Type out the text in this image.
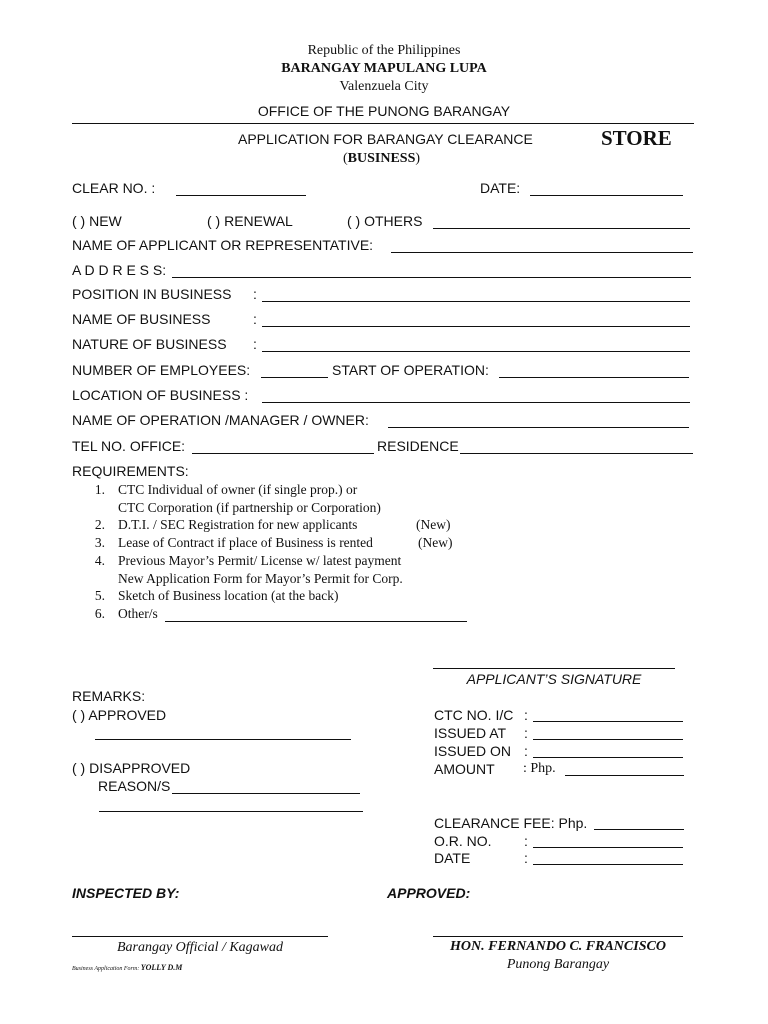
Republic of the Philippines
BARANGAY MAPULANG LUPA
Valenzuela City
OFFICE OF THE PUNONG BARANGAY
APPLICATION FOR BARANGAY CLEARANCE
(BUSINESS)
STORE
CLEAR NO. :	DATE:
( ) NEW	( ) RENEWAL	( ) OTHERS
NAME OF APPLICANT OR REPRESENTATIVE:
A D D R E S S:
POSITION IN BUSINESS :
NAME OF BUSINESS	:
NATURE OF BUSINESS :
NUMBER OF EMPLOYEES:	START OF OPERATION:
LOCATION OF BUSINESS :
NAME OF OPERATION /MANAGER / OWNER:
TEL NO. OFFICE:	RESIDENCE
REQUIREMENTS:
1. CTC Individual of owner (if single prop.) or
CTC Corporation (if partnership or Corporation)
2. D.T.I. / SEC Registration for new applicants	(New)
3. Lease of Contract if place of Business is rented	(New)
4. Previous Mayor’s Permit/ License w/ latest payment
New Application Form for Mayor’s Permit for Corp.
5. Sketch of Business location (at the back)
6. Other/s
APPLICANT’S SIGNATURE
REMARKS:
( ) APPROVED
( ) DISAPPROVED
REASON/S
CTC NO. I/C :
ISSUED AT :
ISSUED ON :
AMOUNT : Php.
CLEARANCE FEE: Php.
O.R. NO. :
DATE	:
INSPECTED BY:	APPROVED:
Barangay Official / Kagawad	HON. FERNANDO C. FRANCISCO
Punong Barangay
Business Application Form: YOLLY D.M
